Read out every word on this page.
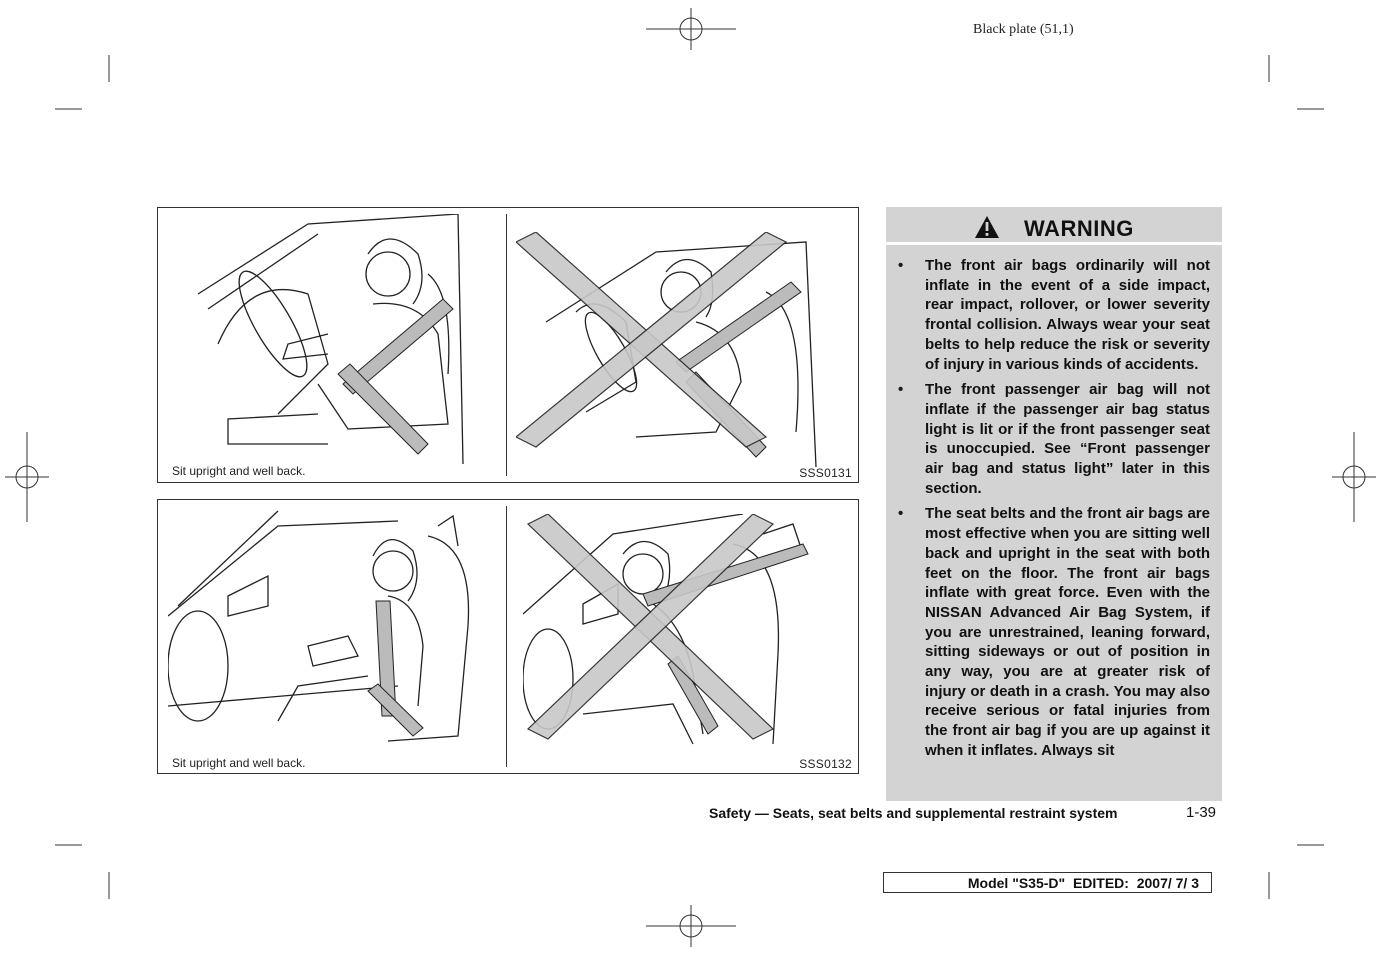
Black plate (51,1)
Sit upright and well back.	SSS0131
Sit upright and well back.	SSS0132
WARNING
• The front air bags ordinarily will not inflate in the event of a side impact, rear impact, rollover, or lower severity frontal collision. Always wear your seat belts to help reduce the risk or severity of injury in various kinds of accidents.
• The front passenger air bag will not inflate if the passenger air bag status light is lit or if the front passenger seat is unoccupied. See “Front passenger air bag and status light” later in this section.
• The seat belts and the front air bags are most effective when you are sitting well back and upright in the seat with both feet on the floor. The front air bags inflate with great force. Even with the NISSAN Advanced Air Bag System, if you are unrestrained, leaning forward, sitting sideways or out of position in any way, you are at greater risk of injury or death in a crash. You may also receive serious or fatal injuries from the front air bag if you are up against it when it inflates. Always sit
Safety — Seats, seat belts and supplemental restraint system	1-39
Model "S35-D"  EDITED:  2007/ 7/ 3
